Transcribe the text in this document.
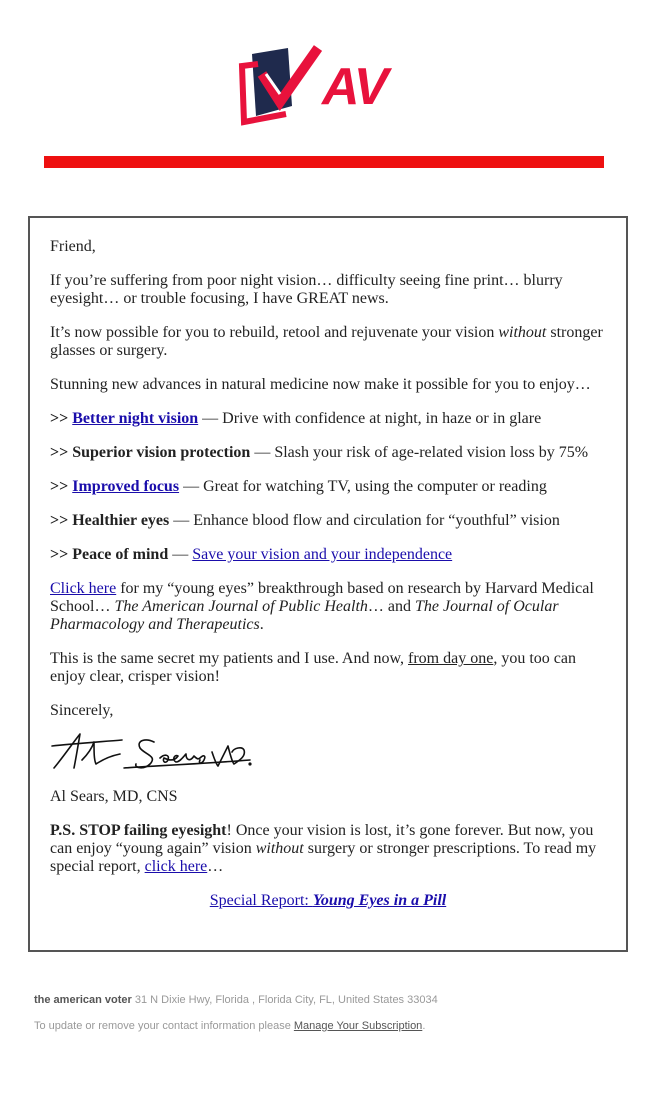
AV

Friend,

If you’re suffering from poor night vision… difficulty seeing fine print… blurry eyesight… or trouble focusing, I have GREAT news.

It’s now possible for you to rebuild, retool and rejuvenate your vision without stronger glasses or surgery.

Stunning new advances in natural medicine now make it possible for you to enjoy…

>> Better night vision — Drive with confidence at night, in haze or in glare

>> Superior vision protection — Slash your risk of age-related vision loss by 75%

>> Improved focus — Great for watching TV, using the computer or reading

>> Healthier eyes — Enhance blood flow and circulation for “youthful” vision

>> Peace of mind — Save your vision and your independence

Click here for my “young eyes” breakthrough based on research by Harvard Medical School… The American Journal of Public Health… and The Journal of Ocular Pharmacology and Therapeutics.

This is the same secret my patients and I use. And now, from day one, you too can enjoy clear, crisper vision!

Sincerely,

Al Sears, MD, CNS

P.S. STOP failing eyesight! Once your vision is lost, it’s gone forever. But now, you can enjoy “young again” vision without surgery or stronger prescriptions. To read my special report, click here…

Special Report: Young Eyes in a Pill

the american voter 31 N Dixie Hwy, Florida , Florida City, FL, United States 33034
To update or remove your contact information please Manage Your Subscription.
